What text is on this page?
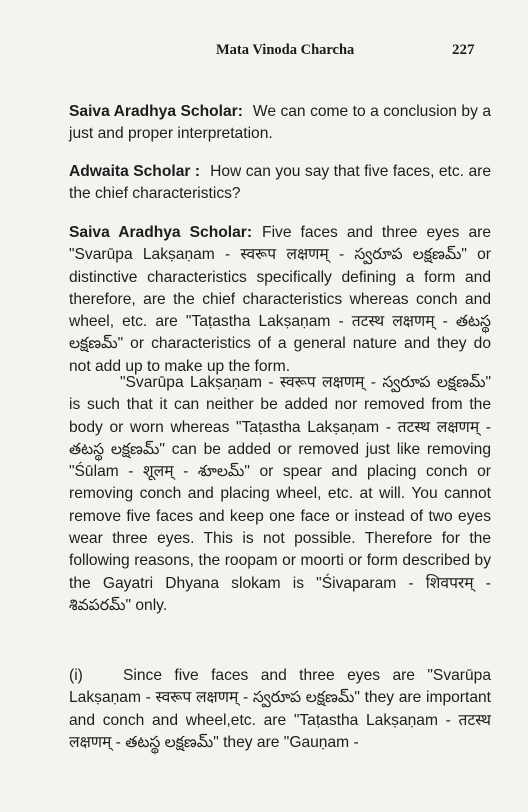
Mata Vinoda Charcha	227

Saiva Aradhya Scholar: We can come to a conclusion by a just and proper interpretation.

Adwaita Scholar : How can you say that five faces, etc. are the chief characteristics?

Saiva Aradhya Scholar: Five faces and three eyes are "Svarūpa Lakṣaṇam - स्वरूप लक्षणम् - స్వరూప లక్షణమ్" or distinctive characteristics specifically defining a form and therefore, are the chief characteristics whereas conch and wheel, etc. are "Taṭastha Lakṣaṇam - तटस्थ लक्षणम् - తటస్థ లక్షణమ్" or characteristics of a general nature and they do not add up to make up the form.

"Svarūpa Lakṣaṇam - स्वरूप लक्षणम् - స్వరూప లక్షణమ్" is such that it can neither be added nor removed from the body or worn whereas "Taṭastha Lakṣaṇam - तटस्थ लक्षणम् - తటస్థ లక్షణమ్" can be added or removed just like removing "Śūlam - शूलम् - శూలమ్" or spear and placing conch or removing conch and placing wheel, etc. at will. You cannot remove five faces and keep one face or instead of two eyes wear three eyes. This is not possible. Therefore for the following reasons, the roopam or moorti or form described by the Gayatri Dhyana slokam is "Śivaparam - शिवपरम् - శివపరమ్" only.

(i)	Since five faces and three eyes are "Svarūpa Lakṣaṇam - स्वरूप लक्षणम् - స్వరూప లక్షణమ్" they are important and conch and wheel,etc. are "Taṭastha Lakṣaṇam - तटस्थ लक्षणम् - తటస్థ లక్షణమ్" they are "Gauṇam -
